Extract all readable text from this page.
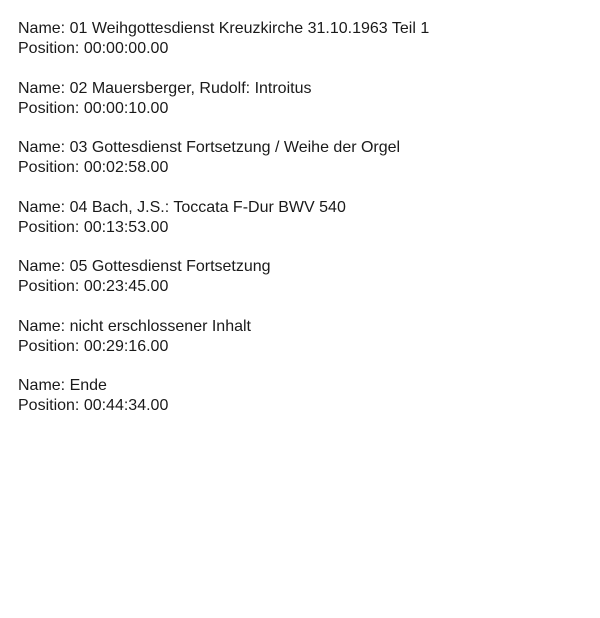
Name: 01 Weihgottesdienst Kreuzkirche 31.10.1963 Teil 1
Position: 00:00:00.00
Name: 02 Mauersberger, Rudolf: Introitus
Position: 00:00:10.00
Name: 03 Gottesdienst Fortsetzung / Weihe der Orgel
Position: 00:02:58.00
Name: 04 Bach, J.S.: Toccata F-Dur BWV 540
Position: 00:13:53.00
Name: 05 Gottesdienst Fortsetzung
Position: 00:23:45.00
Name: nicht erschlossener Inhalt
Position: 00:29:16.00
Name: Ende
Position: 00:44:34.00
